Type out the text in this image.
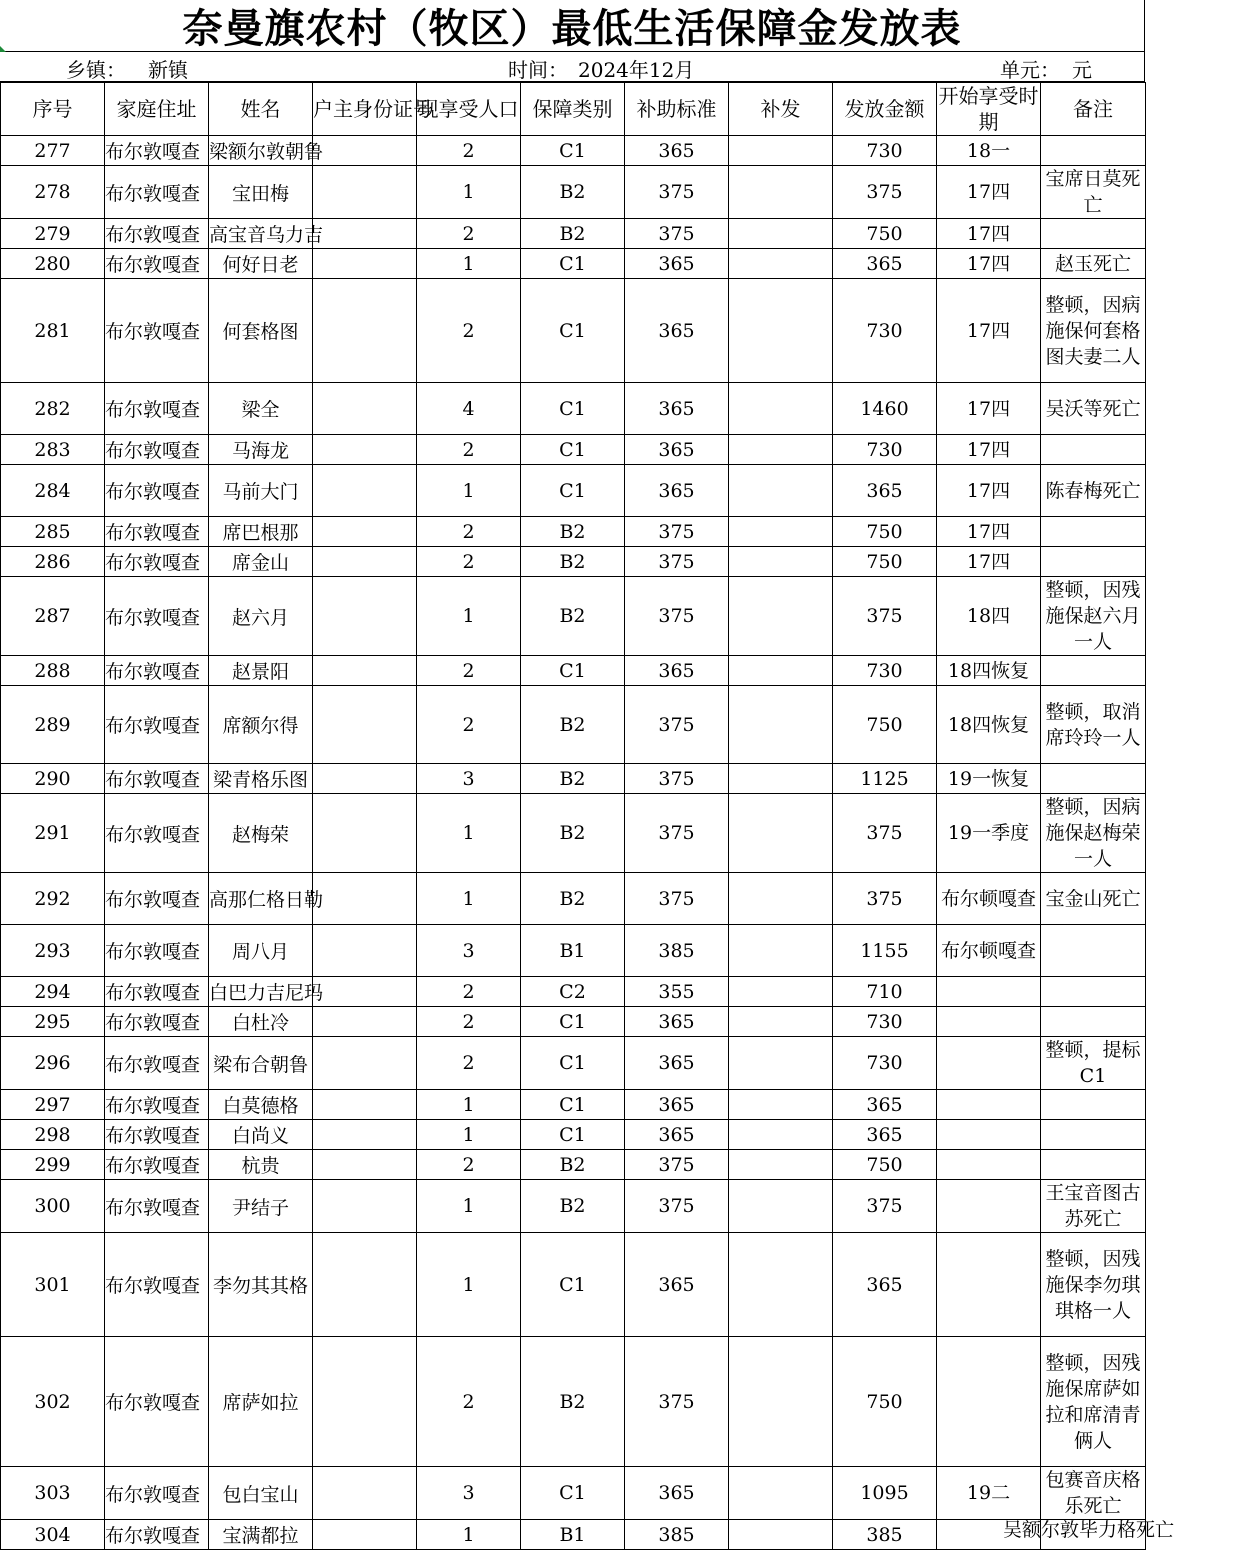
奈曼旗农村（牧区）最低生活保障金发放表
乡镇： 新镇	时间： 2024年12月	单元： 元
序号	家庭住址	姓名	户主身份证号	现享受人口	保障类别	补助标准	补发	发放金额	开始享受时期	备注
277	布尔敦嘎查	梁额尔敦朝鲁		2	C1	365		730	18一	
278	布尔敦嘎查	宝田梅		1	B2	375		375	17四	宝席日莫死亡
279	布尔敦嘎查	高宝音乌力吉		2	B2	375		750	17四	
280	布尔敦嘎查	何好日老		1	C1	365		365	17四	赵玉死亡
281	布尔敦嘎查	何套格图		2	C1	365		730	17四	整顿，因病施保何套格图夫妻二人
282	布尔敦嘎查	梁全		4	C1	365		1460	17四	吴沃等死亡
283	布尔敦嘎查	马海龙		2	C1	365		730	17四	
284	布尔敦嘎查	马前大门		1	C1	365		365	17四	陈春梅死亡
285	布尔敦嘎查	席巴根那		2	B2	375		750	17四	
286	布尔敦嘎查	席金山		2	B2	375		750	17四	
287	布尔敦嘎查	赵六月		1	B2	375		375	18四	整顿，因残施保赵六月一人
288	布尔敦嘎查	赵景阳		2	C1	365		730	18四恢复	
289	布尔敦嘎查	席额尔得		2	B2	375		750	18四恢复	整顿，取消席玲玲一人
290	布尔敦嘎查	梁青格乐图		3	B2	375		1125	19一恢复	
291	布尔敦嘎查	赵梅荣		1	B2	375		375	19一季度	整顿，因病施保赵梅荣一人
292	布尔敦嘎查	高那仁格日勒		1	B2	375		375	布尔顿嘎查	宝金山死亡
293	布尔敦嘎查	周八月		3	B1	385		1155	布尔顿嘎查	
294	布尔敦嘎查	白巴力吉尼玛		2	C2	355		710		
295	布尔敦嘎查	白杜冷		2	C1	365		730		
296	布尔敦嘎查	梁布合朝鲁		2	C1	365		730		整顿，提标C1
297	布尔敦嘎查	白莫德格		1	C1	365		365		
298	布尔敦嘎查	白尚义		1	C1	365		365		
299	布尔敦嘎查	杭贵		2	B2	375		750		
300	布尔敦嘎查	尹结子		1	B2	375		375		王宝音图古苏死亡
301	布尔敦嘎查	李勿其其格		1	C1	365		365		整顿，因残施保李勿琪琪格一人
302	布尔敦嘎查	席萨如拉		2	B2	375		750		整顿，因残施保席萨如拉和席清青俩人
303	布尔敦嘎查	包白宝山		3	C1	365		1095	19二	包赛音庆格乐死亡
304	布尔敦嘎查	宝满都拉		1	B1	385		385			吴额尔敦毕力格死亡
